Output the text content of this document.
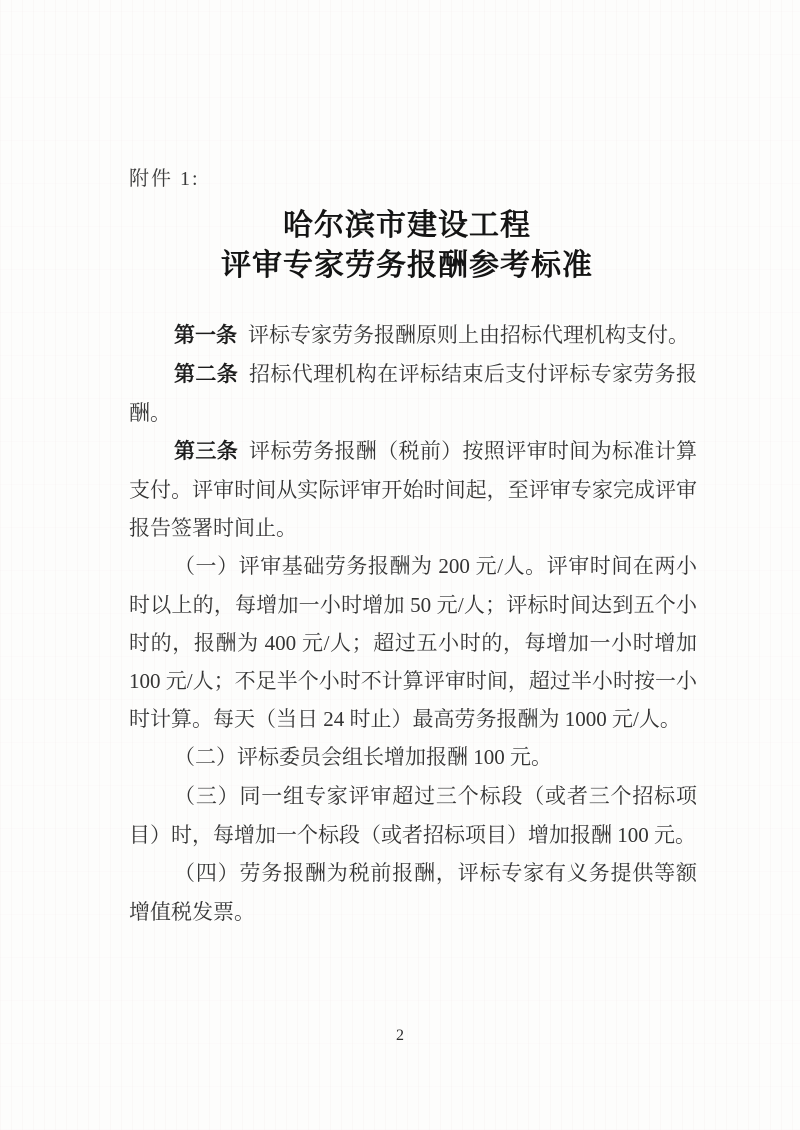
附件 1:
哈尔滨市建设工程
评审专家劳务报酬参考标准

第一条 评标专家劳务报酬原则上由招标代理机构支付。

第二条 招标代理机构在评标结束后支付评标专家劳务报酬。

第三条 评标劳务报酬（税前）按照评审时间为标准计算支付。评审时间从实际评审开始时间起，至评审专家完成评审报告签署时间止。

（一）评审基础劳务报酬为 200 元/人。评审时间在两小时以上的，每增加一小时增加 50 元/人；评标时间达到五个小时的，报酬为 400 元/人；超过五小时的，每增加一小时增加 100 元/人；不足半个小时不计算评审时间，超过半小时按一小时计算。每天（当日 24 时止）最高劳务报酬为 1000 元/人。

（二）评标委员会组长增加报酬 100 元。

（三）同一组专家评审超过三个标段（或者三个招标项目）时，每增加一个标段（或者招标项目）增加报酬 100 元。

（四）劳务报酬为税前报酬，评标专家有义务提供等额增值税发票。

2
